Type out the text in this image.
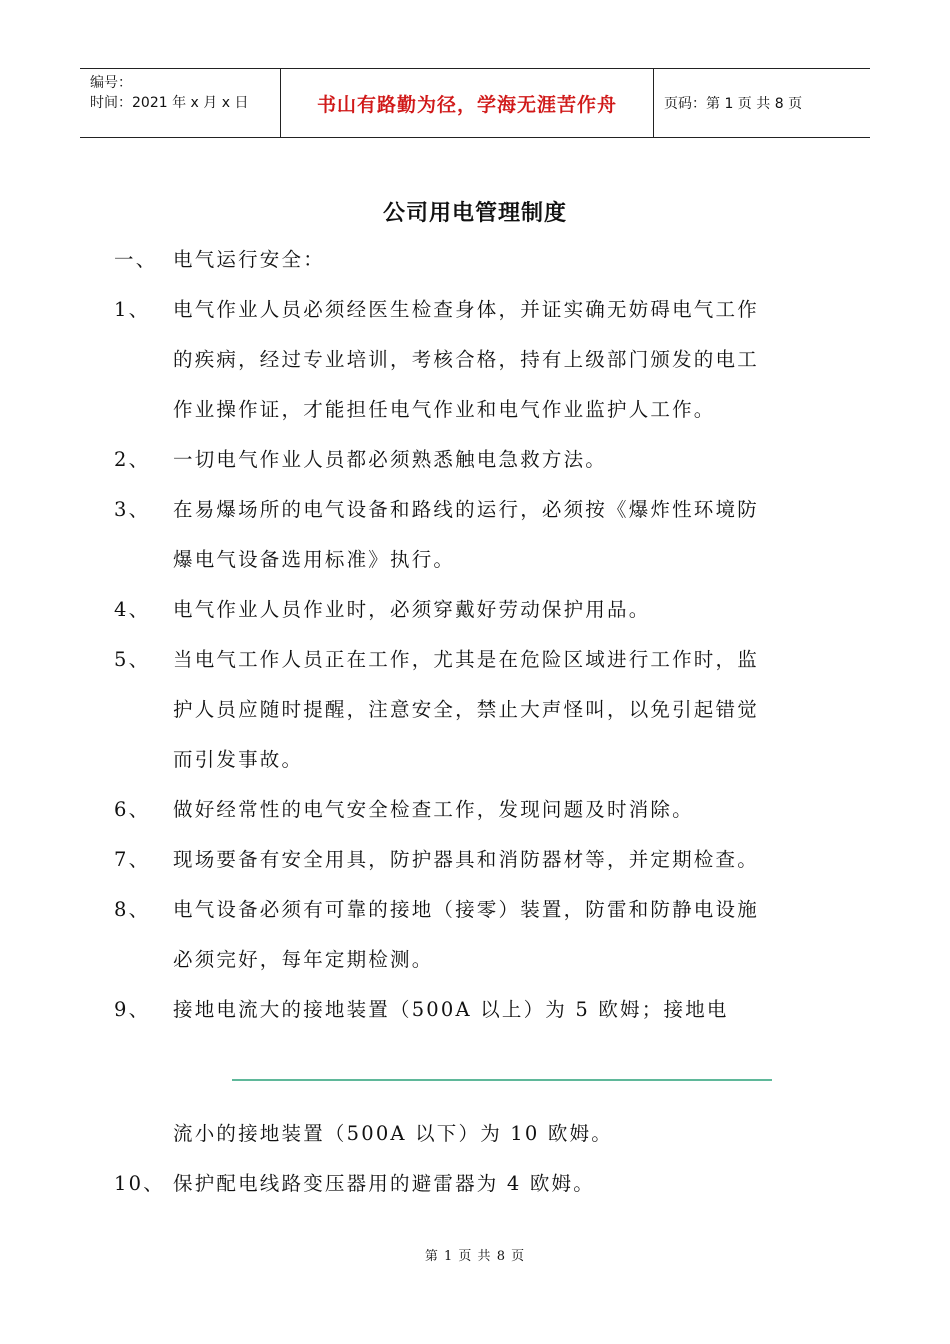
编号：
时间：2021 年 x 月 x 日	书山有路勤为径，学海无涯苦作舟	页码：第 1 页 共 8 页
公司用电管理制度
一、 电气运行安全：
1、 电气作业人员必须经医生检查身体，并证实确无妨碍电气工作
的疾病，经过专业培训，考核合格，持有上级部门颁发的电工
作业操作证，才能担任电气作业和电气作业监护人工作。
2、 一切电气作业人员都必须熟悉触电急救方法。
3、 在易爆场所的电气设备和路线的运行，必须按《爆炸性环境防
爆电气设备选用标准》执行。
4、 电气作业人员作业时，必须穿戴好劳动保护用品。
5、 当电气工作人员正在工作，尤其是在危险区域进行工作时，监
护人员应随时提醒，注意安全，禁止大声怪叫，以免引起错觉
而引发事故。
6、 做好经常性的电气安全检查工作，发现问题及时消除。
7、 现场要备有安全用具，防护器具和消防器材等，并定期检查。
8、 电气设备必须有可靠的接地（接零）装置，防雷和防静电设施
必须完好，每年定期检测。
9、 接地电流大的接地装置（500A 以上）为 5 欧姆；接地电
流小的接地装置（500A 以下）为 10 欧姆。
10、 保护配电线路变压器用的避雷器为 4 欧姆。
第 1 页 共 8 页
